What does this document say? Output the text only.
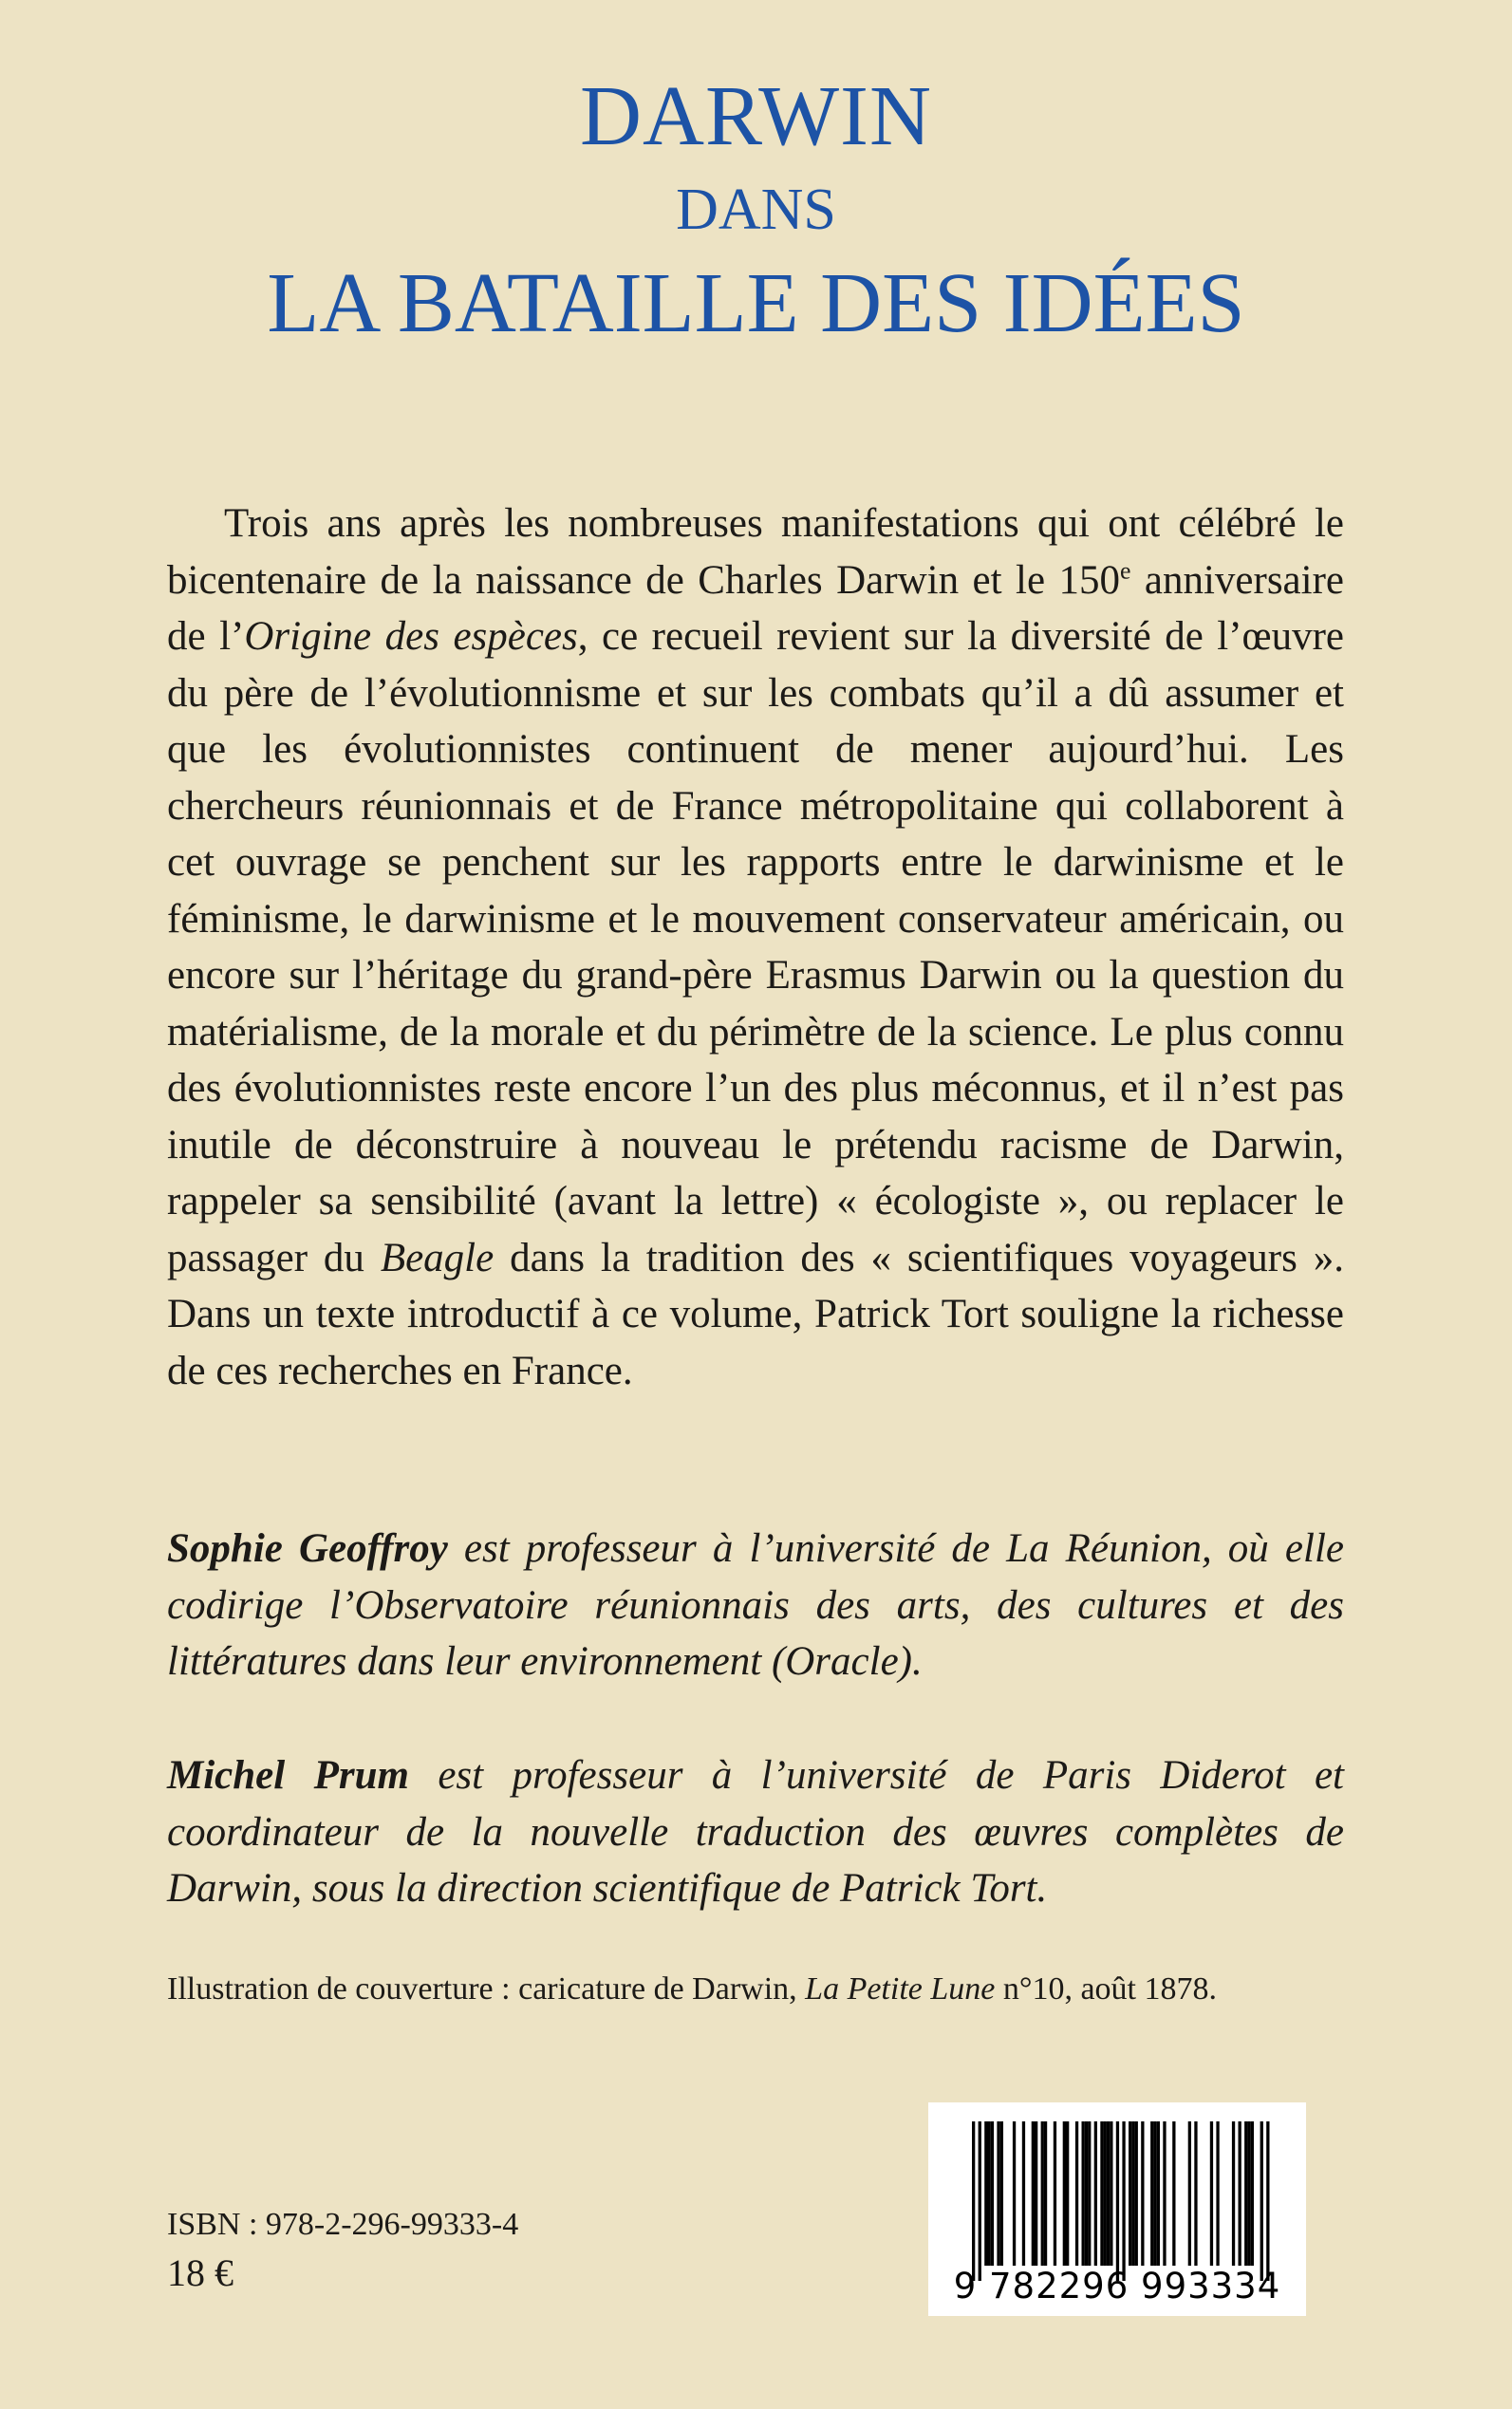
DARWIN
DANS
LA BATAILLE DES IDÉES

Trois ans après les nombreuses manifestations qui ont célébré le bicentenaire de la naissance de Charles Darwin et le 150e anniversaire de l’Origine des espèces, ce recueil revient sur la diversité de l’œuvre du père de l’évolutionnisme et sur les combats qu’il a dû assumer et que les évolutionnistes continuent de mener aujourd’hui. Les chercheurs réunionnais et de France métropolitaine qui collaborent à cet ouvrage se penchent sur les rapports entre le darwinisme et le féminisme, le darwinisme et le mouvement conservateur américain, ou encore sur l’héritage du grand-père Erasmus Darwin ou la question du matérialisme, de la morale et du périmètre de la science. Le plus connu des évolutionnistes reste encore l’un des plus méconnus, et il n’est pas inutile de déconstruire à nouveau le prétendu racisme de Darwin, rappeler sa sensibilité (avant la lettre) « écologiste », ou replacer le passager du Beagle dans la tradition des « scientifiques voyageurs ». Dans un texte introductif à ce volume, Patrick Tort souligne la richesse de ces recherches en France.

Sophie Geoffroy est professeur à l’université de La Réunion, où elle codirige l’Observatoire réunionnais des arts, des cultures et des littératures dans leur environnement (Oracle).

Michel Prum est professeur à l’université de Paris Diderot et coordinateur de la nouvelle traduction des œuvres complètes de Darwin, sous la direction scientifique de Patrick Tort.

Illustration de couverture : caricature de Darwin, La Petite Lune n°10, août 1878.
ISBN : 978-2-296-99333-4
18 €	9 782296 993334
